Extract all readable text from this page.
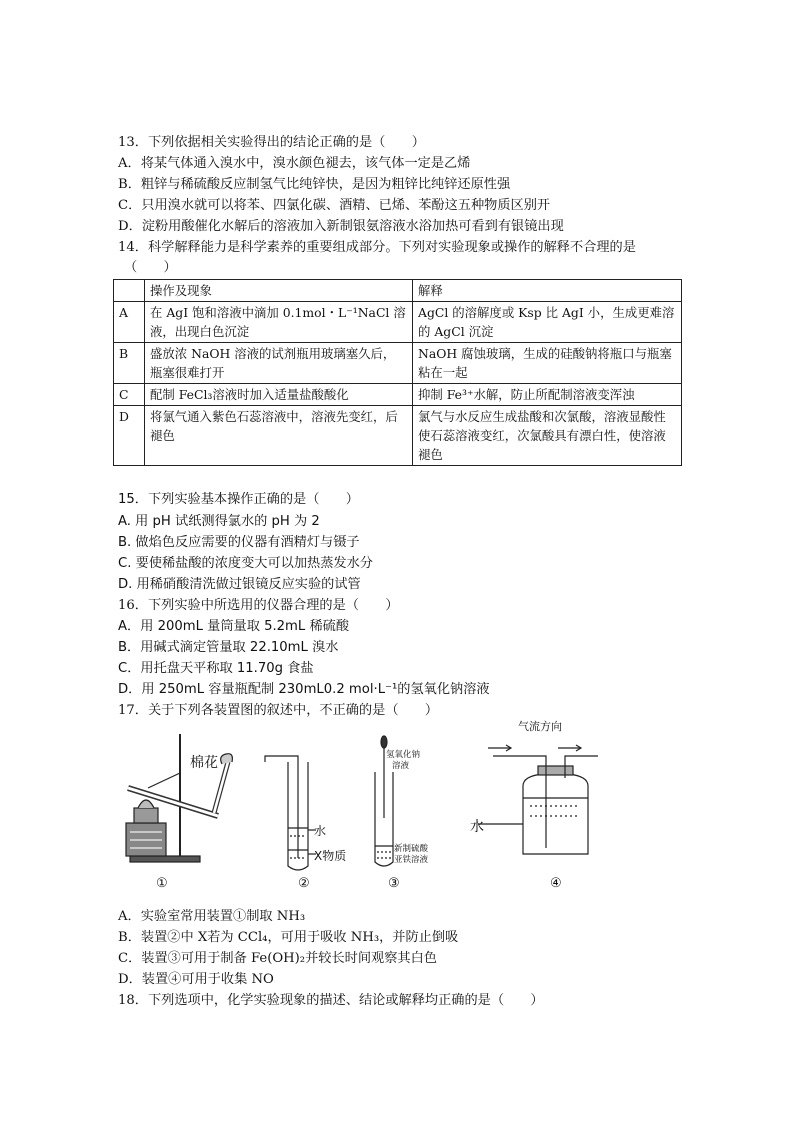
13．下列依据相关实验得出的结论正确的是（　　）
A．将某气体通入溴水中，溴水颜色褪去，该气体一定是乙烯
B．粗锌与稀硫酸反应制氢气比纯锌快，是因为粗锌比纯锌还原性强
C．只用溴水就可以将苯、四氯化碳、酒精、已烯、苯酚这五种物质区别开
D．淀粉用酸催化水解后的溶液加入新制银氨溶液水浴加热可看到有银镜出现
14．科学解释能力是科学素养的重要组成部分。下列对实验现象或操作的解释不合理的是
（　　）
	操作及现象	解释
A	在 AgI 饱和溶液中滴加 0.1mol・L⁻¹NaCl 溶液，出现白色沉淀	AgCl 的溶解度或 Ksp 比 AgI 小，生成更难溶的 AgCl 沉淀
B	盛放浓 NaOH 溶液的试剂瓶用玻璃塞久后，瓶塞很难打开	NaOH 腐蚀玻璃，生成的硅酸钠将瓶口与瓶塞粘在一起
C	配制 FeCl₃溶液时加入适量盐酸酸化	抑制 Fe³⁺水解，防止所配制溶液变浑浊
D	将氯气通入紫色石蕊溶液中，溶液先变红，后褪色	氯气与水反应生成盐酸和次氯酸，溶液显酸性使石蕊溶液变红，次氯酸具有漂白性，使溶液褪色
15．下列实验基本操作正确的是（　　）
A. 用 pH 试纸测得氯水的 pH 为 2
B. 做焰色反应需要的仪器有酒精灯与镊子
C. 要使稀盐酸的浓度变大可以加热蒸发水分
D. 用稀硝酸清洗做过银镜反应实验的试管
16．下列实验中所选用的仪器合理的是（　　）
A．用 200mL 量筒量取 5.2mL 稀硫酸
B．用碱式滴定管量取 22.10mL 溴水
C．用托盘天平称取 11.70g 食盐
D．用 250mL 容量瓶配制 230mL0.2 mol·L⁻¹的氢氧化钠溶液
17．关于下列各装置图的叙述中，不正确的是（　　）
棉花
水
X物质
氢氧化钠
溶液
新制硫酸
亚铁溶液
气流方向
水
①	②	③	④
A．实验室常用装置①制取 NH₃
B．装置②中 X若为 CCl₄，可用于吸收 NH₃，并防止倒吸
C．装置③可用于制备 Fe(OH)₂并较长时间观察其白色
D．装置④可用于收集 NO
18．下列选项中，化学实验现象的描述、结论或解释均正确的是（　　）
